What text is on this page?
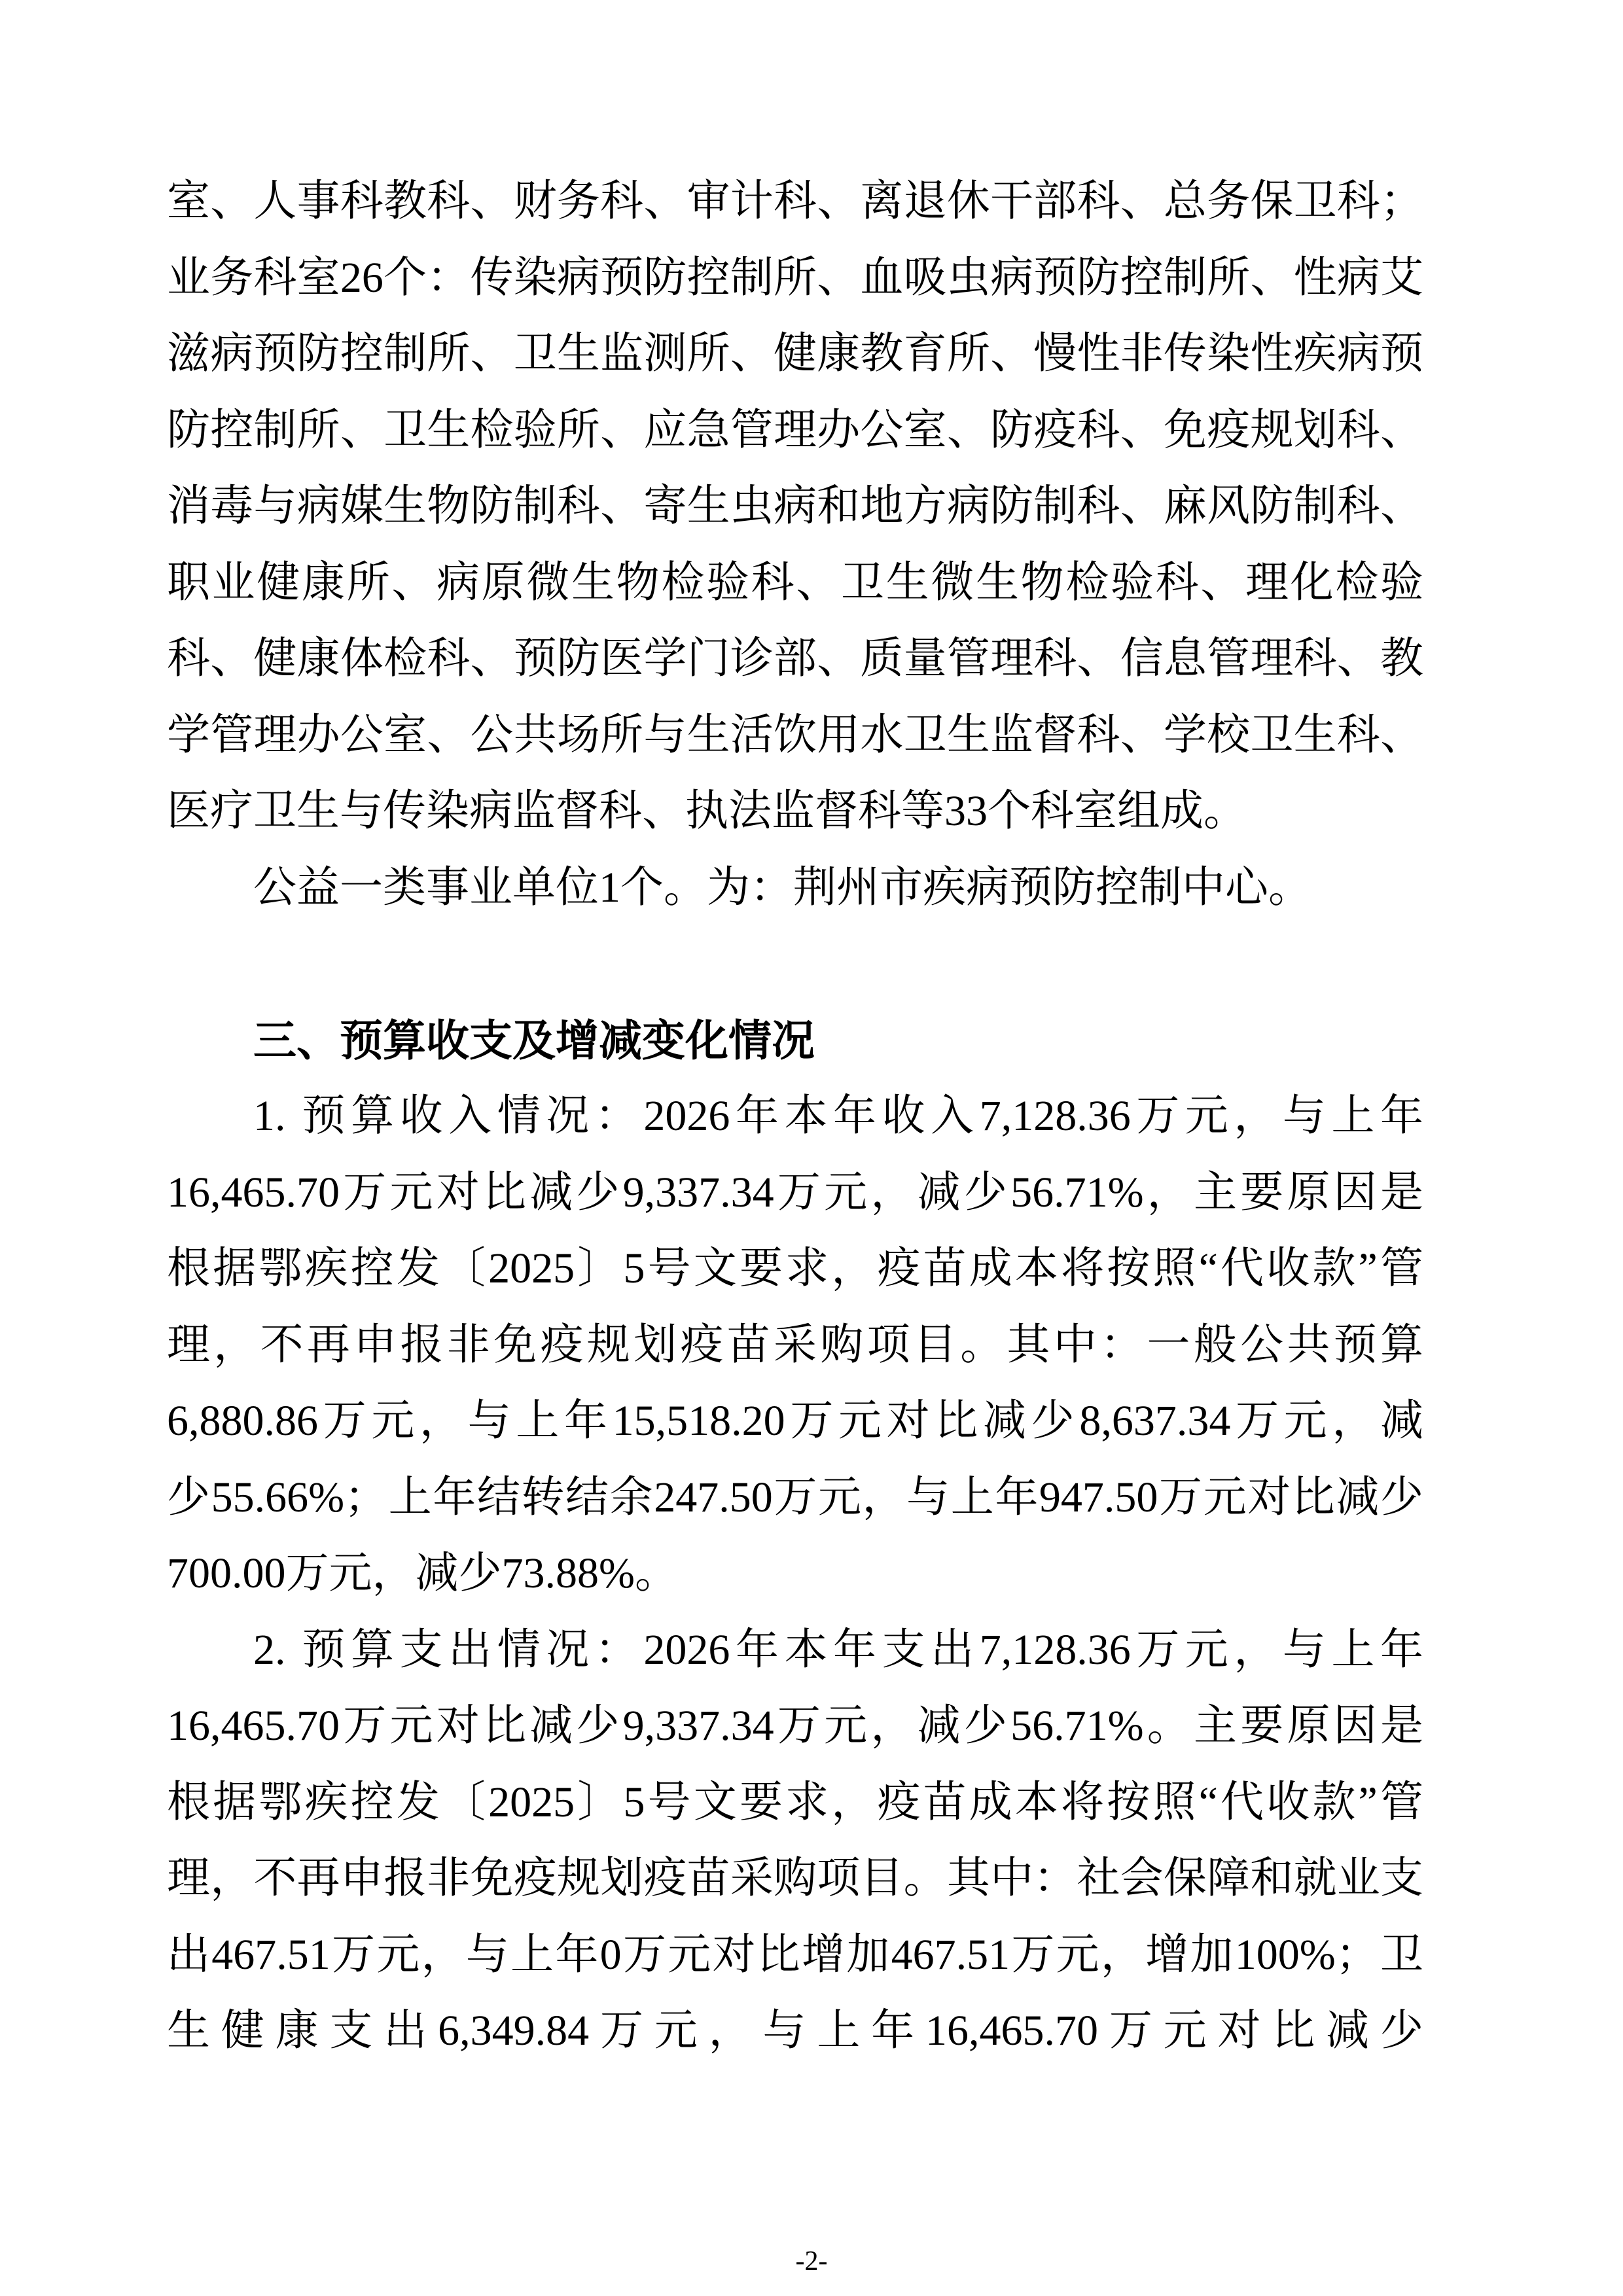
室、人事科教科、财务科、审计科、离退休干部科、总务保卫科；

业务科室26个：传染病预防控制所、血吸虫病预防控制所、性病艾

滋病预防控制所、卫生监测所、健康教育所、慢性非传染性疾病预

防控制所、卫生检验所、应急管理办公室、防疫科、免疫规划科、

消毒与病媒生物防制科、寄生虫病和地方病防制科、麻风防制科、

职业健康所、病原微生物检验科、卫生微生物检验科、理化检验

科、健康体检科、预防医学门诊部、质量管理科、信息管理科、教

学管理办公室、公共场所与生活饮用水卫生监督科、学校卫生科、

医疗卫生与传染病监督科、执法监督科等33个科室组成。

公益一类事业单位1个。为：荆州市疾病预防控制中心。

三、预算收支及增减变化情况

1. 预算收入情况：2026年本年收入7,128.36万元，与上年

16,465.70万元对比减少9,337.34万元，减少56.71%，主要原因是

根据鄂疾控发〔2025〕5号文要求，疫苗成本将按照“代收款”管

理，不再申报非免疫规划疫苗采购项目。其中：一般公共预算

6,880.86万元，与上年15,518.20万元对比减少8,637.34万元，减

少55.66%；上年结转结余247.50万元，与上年947.50万元对比减少

700.00万元，减少73.88%。

2. 预算支出情况：2026年本年支出7,128.36万元，与上年

16,465.70万元对比减少9,337.34万元，减少56.71%。主要原因是

根据鄂疾控发〔2025〕5号文要求，疫苗成本将按照“代收款”管

理，不再申报非免疫规划疫苗采购项目。其中：社会保障和就业支

出467.51万元，与上年0万元对比增加467.51万元，增加100%；卫

生健康支出6,349.84万元，与上年16,465.70万元对比减少

-2-
